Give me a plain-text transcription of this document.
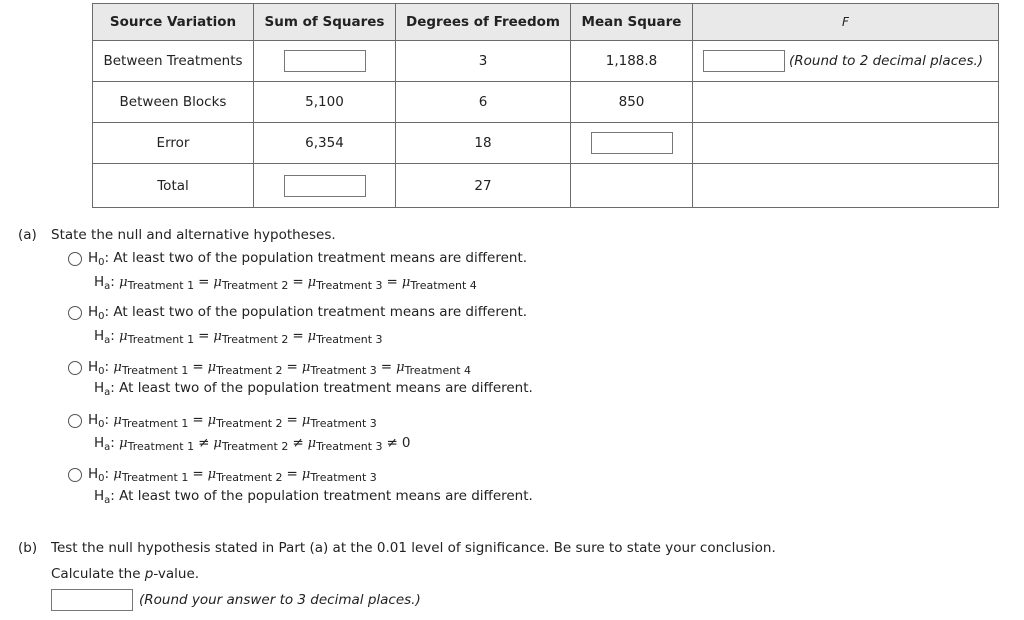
Source Variation	Sum of Squares	Degrees of Freedom	Mean Square	F
Between Treatments		3	1,188.8	(Round to 2 decimal places.)
Between Blocks	5,100	6	850	
Error	6,354	18		
Total		27		
(a) State the null and alternative hypotheses.
$H_0$: At least two of the population treatment means are different.
$H_a$: $\mu_{Treatment 1} = \mu_{Treatment 2} = \mu_{Treatment 3} = \mu_{Treatment 4}$
$H_0$: At least two of the population treatment means are different.
$H_a$: $\mu_{Treatment 1} = \mu_{Treatment 2} = \mu_{Treatment 3}$
$H_0$: $\mu_{Treatment 1} = \mu_{Treatment 2} = \mu_{Treatment 3} = \mu_{Treatment 4}$
$H_a$: At least two of the population treatment means are different.
$H_0$: $\mu_{Treatment 1} = \mu_{Treatment 2} = \mu_{Treatment 3}$
$H_a$: $\mu_{Treatment 1} \ne \mu_{Treatment 2} \ne \mu_{Treatment 3} \ne 0$
$H_0$: $\mu_{Treatment 1} = \mu_{Treatment 2} = \mu_{Treatment 3}$
$H_a$: At least two of the population treatment means are different.
(b) Test the null hypothesis stated in Part (a) at the 0.01 level of significance. Be sure to state your conclusion.
Calculate the p-value.
(Round your answer to 3 decimal places.)
